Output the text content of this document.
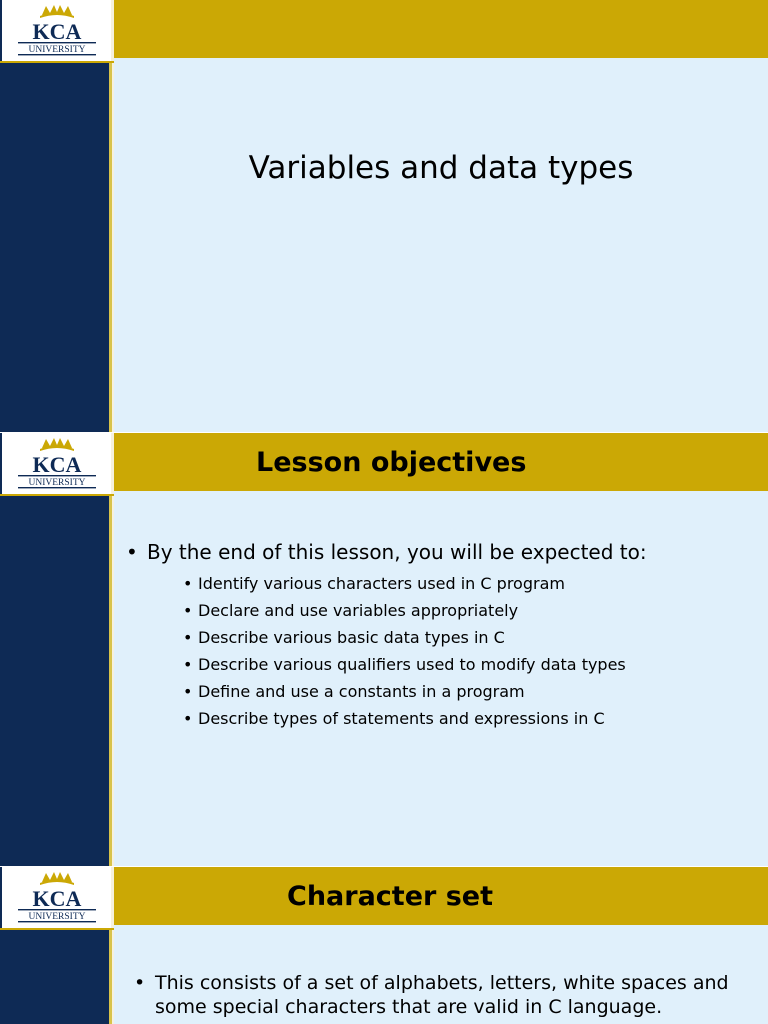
KCA
UNIVERSITY
Variables and data types
KCA
UNIVERSITY
Lesson objectives
• By the end of this lesson, you will be expected to:
• Identify various characters used in C program
• Declare and use variables appropriately
• Describe various basic data types in C
• Describe various qualifiers used to modify data types
• Define and use a constants in a program
• Describe types of statements and expressions in C
KCA
UNIVERSITY
Character set
• This consists of a set of alphabets, letters, white spaces and some special characters that are valid in C language.
